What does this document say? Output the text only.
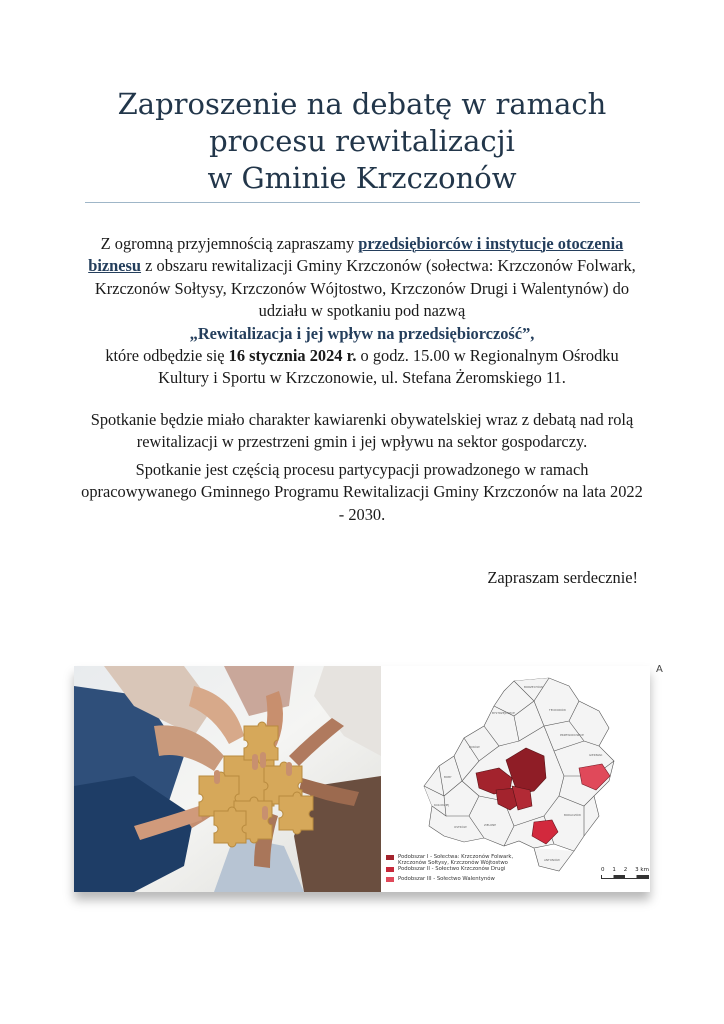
Zaproszenie na debatę w ramach
procesu rewitalizacji
w Gminie Krzczonów
Z ogromną przyjemnością zapraszamy przedsiębiorców i instytucje otoczenia biznesu z obszaru rewitalizacji Gminy Krzczonów (sołectwa: Krzczonów Folwark, Krzczonów Sołtysy, Krzczonów Wójtostwo, Krzczonów Drugi i Walentynów) do udziału w spotkaniu pod nazwą
„Rewitalizacja i jej wpływ na przedsiębiorczość”,
które odbędzie się 16 stycznia 2024 r. o godz. 15.00 w Regionalnym Ośrodku Kultury i Sportu w Krzczonowie, ul. Stefana Żeromskiego 11.
Spotkanie będzie miało charakter kawiarenki obywatelskiej wraz z debatą nad rolą rewitalizacji w przestrzeni gmin i jej wpływu na sektor gospodarczy.
Spotkanie jest częścią procesu partycypacji prowadzonego w ramach opracowywanego Gminnego Programu Rewitalizacji Gminy Krzczonów na lata 2022 - 2030.
Zapraszam serdecznie!
BORZECHÓW
TEODORÓW
BYSTRZEJOWICE
PRZEWODOWICE
ŻUKÓW
BOBY
KOŁODZIEJ
OSTRÓW	ZIELONE
BODACZÓW
GIERNIAK
ANTONIÓW
Podobszar I - Sołectwa: Krzczonów Folwark, Krzczonów Sołtysy, Krzczonów Wójtostwo
Podobszar II - Sołectwo Krzczonów Drugi
Podobszar III - Sołectwo Walentynów
0 1 2 3 km
A
